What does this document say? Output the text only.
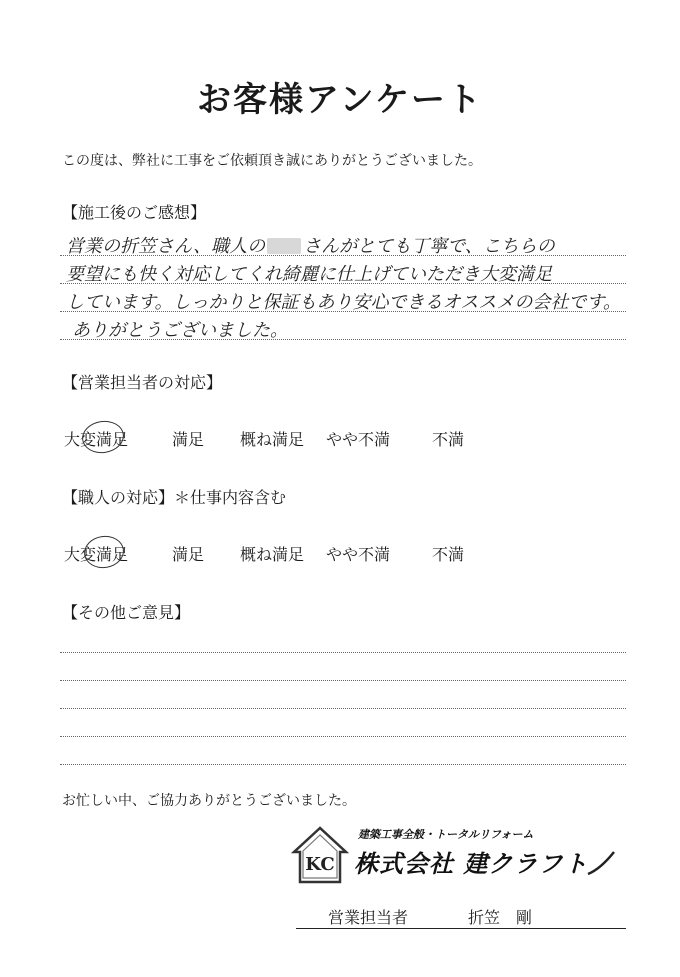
お客様アンケート
この度は、弊社に工事をご依頼頂き誠にありがとうございました。
【施工後のご感想】
営業の折笠さん、職人の さんがとても丁寧で、こちらの
要望にも快く対応してくれ綺麗に仕上げていただき大変満足
しています。しっかりと保証もあり安心できるオススメの会社です。
ありがとうございました。
【営業担当者の対応】
大変満足	満足 概ね満足 やや不満	不満
【職人の対応】＊仕事内容含む
大変満足	満足 概ね満足 やや不満	不満
【その他ご意見】
お忙しい中、ご協力ありがとうございました。
KC
建築工事全般・トータルリフォーム
株式会社 建クラフト
営業担当者	折笠　剛
